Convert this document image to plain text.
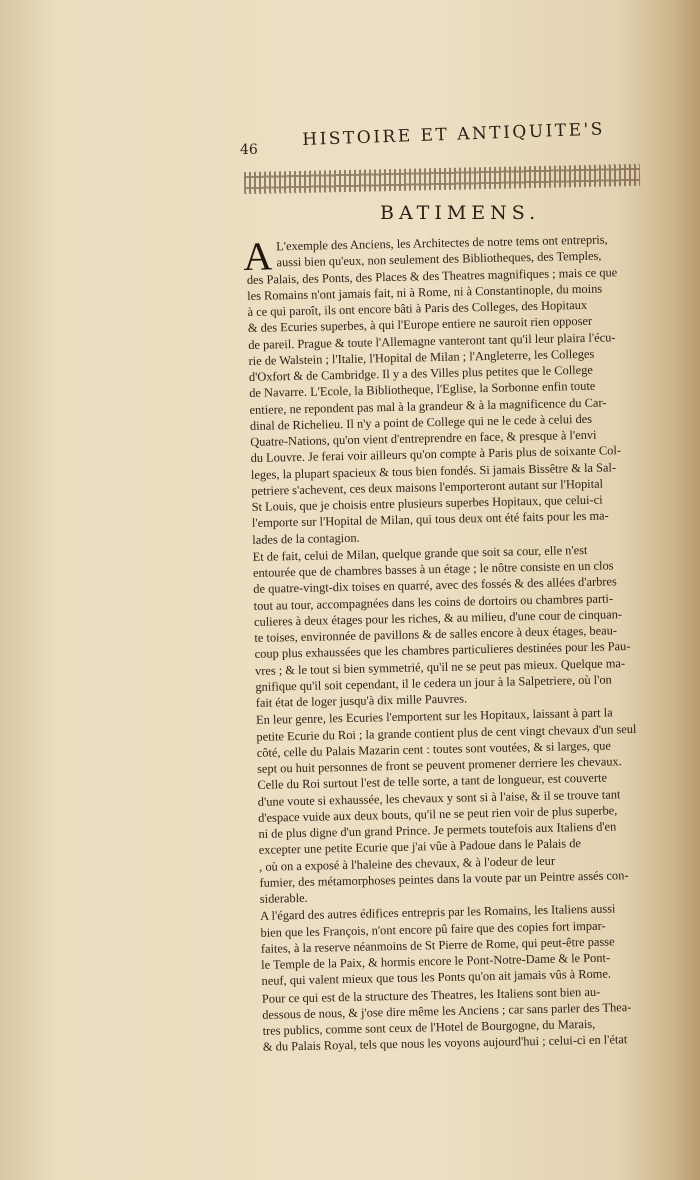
46
HISTOIRE ET ANTIQUITE'S
BATIMENS.
A L'exemple des Anciens, les Architectes de notre tems ont entrepris,
aussi bien qu'eux, non seulement des Bibliotheques, des Temples,
des Palais, des Ponts, des Places & des Theatres magnifiques ; mais ce que
les Romains n'ont jamais fait, ni à Rome, ni à Constantinople, du moins
à ce qui paroît, ils ont encore bâti à Paris des Colleges, des Hopitaux
& des Ecuries superbes, à qui l'Europe entiere ne sauroit rien opposer
de pareil. Prague & toute l'Allemagne vanteront tant qu'il leur plaira l'écu-
rie de Walstein ; l'Italie, l'Hopital de Milan ; l'Angleterre, les Colleges
d'Oxfort & de Cambridge. Il y a des Villes plus petites que le College
de Navarre. L'Ecole, la Bibliotheque, l'Eglise, la Sorbonne enfin toute
entiere, ne repondent pas mal à la grandeur & à la magnificence du Car-
dinal de Richelieu. Il n'y a point de College qui ne le cede à celui des
Quatre-Nations, qu'on vient d'entreprendre en face, & presque à l'envi
du Louvre. Je ferai voir ailleurs qu'on compte à Paris plus de soixante Col-
leges, la plupart spacieux & tous bien fondés. Si jamais Bissêtre & la Sal-
petriere s'achevent, ces deux maisons l'emporteront autant sur l'Hopital
St Louis, que je choisis entre plusieurs superbes Hopitaux, que celui-ci
l'emporte sur l'Hopital de Milan, qui tous deux ont été faits pour les ma-
lades de la contagion.
Et de fait, celui de Milan, quelque grande que soit sa cour, elle n'est
entourée que de chambres basses à un étage ; le nôtre consiste en un clos
de quatre-vingt-dix toises en quarré, avec des fossés & des allées d'arbres
tout au tour, accompagnées dans les coins de dortoirs ou chambres parti-
culieres à deux étages pour les riches, & au milieu, d'une cour de cinquan-
te toises, environnée de pavillons & de salles encore à deux étages, beau-
coup plus exhaussées que les chambres particulieres destinées pour les Pau-
vres ; & le tout si bien symmetrié, qu'il ne se peut pas mieux. Quelque ma-
gnifique qu'il soit cependant, il le cedera un jour à la Salpetriere, où l'on
fait état de loger jusqu'à dix mille Pauvres.
En leur genre, les Ecuries l'emportent sur les Hopitaux, laissant à part la
petite Ecurie du Roi ; la grande contient plus de cent vingt chevaux d'un seul
côté, celle du Palais Mazarin cent : toutes sont voutées, & si larges, que
sept ou huit personnes de front se peuvent promener derriere les chevaux.
Celle du Roi surtout l'est de telle sorte, a tant de longueur, est couverte
d'une voute si exhaussée, les chevaux y sont si à l'aise, & il se trouve tant
d'espace vuide aux deux bouts, qu'il ne se peut rien voir de plus superbe,
ni de plus digne d'un grand Prince. Je permets toutefois aux Italiens d'en
excepter une petite Ecurie que j'ai vûe à Padoue dans le Palais de
, où on a exposé à l'haleine des chevaux, & à l'odeur de leur
fumier, des métamorphoses peintes dans la voute par un Peintre assés con-
siderable.
A l'égard des autres édifices entrepris par les Romains, les Italiens aussi
bien que les François, n'ont encore pû faire que des copies fort impar-
faites, à la reserve néanmoins de St Pierre de Rome, qui peut-être passe
le Temple de la Paix, & hormis encore le Pont-Notre-Dame & le Pont-
neuf, qui valent mieux que tous les Ponts qu'on ait jamais vûs à Rome.
Pour ce qui est de la structure des Theatres, les Italiens sont bien au-
dessous de nous, & j'ose dire même les Anciens ; car sans parler des Thea-
tres publics, comme sont ceux de l'Hotel de Bourgogne, du Marais,
& du Palais Royal, tels que nous les voyons aujourd'hui ; celui-ci en l'état
